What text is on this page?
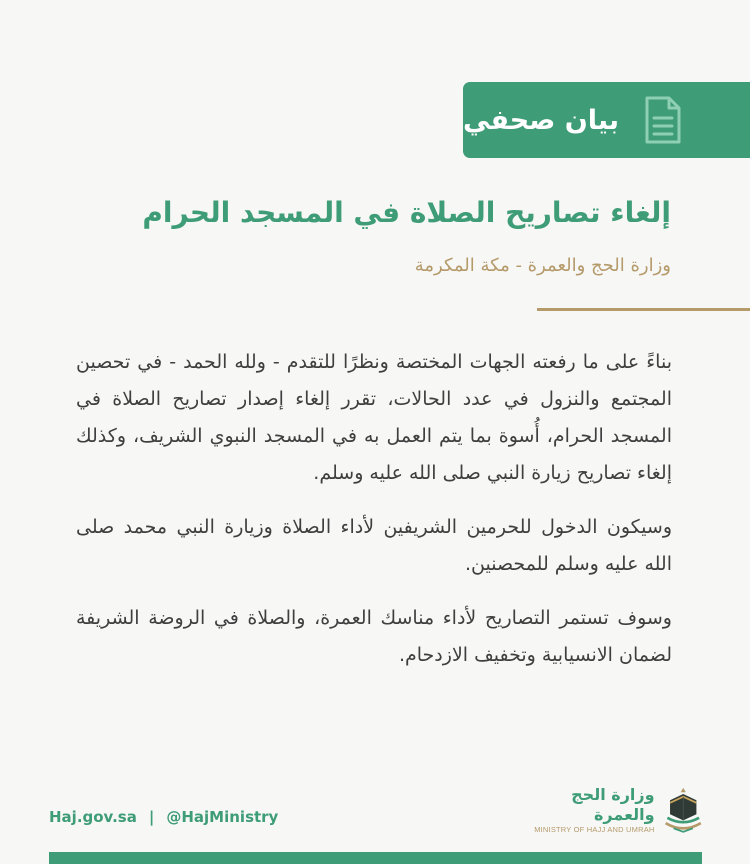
بيان صحفي
إلغاء تصاريح الصلاة في المسجد الحرام
وزارة الحج والعمرة - مكة المكرمة

بناءً على ما رفعته الجهات المختصة ونظرًا للتقدم - ولله الحمد - في تحصين المجتمع والنزول في عدد الحالات، تقرر إلغاء إصدار تصاريح الصلاة في المسجد الحرام، أُسوة بما يتم العمل به في المسجد النبوي الشريف، وكذلك إلغاء تصاريح زيارة النبي صلى الله عليه وسلم.

وسيكون الدخول للحرمين الشريفين لأداء الصلاة وزيارة النبي محمد صلى الله عليه وسلم للمحصنين.

وسوف تستمر التصاريح لأداء مناسك العمرة، والصلاة في الروضة الشريفة لضمان الانسيابية وتخفيف الازدحام.

Haj.gov.sa | @HajMinistry
وزارة الحج والعمرة
MINISTRY OF HAJJ AND UMRAH
